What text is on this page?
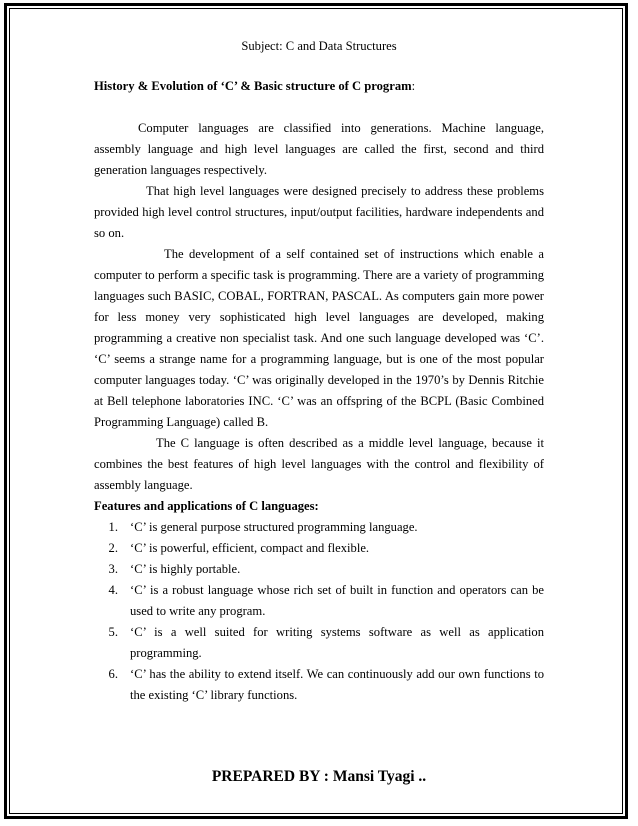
Subject: C and Data Structures
History & Evolution of ‘C’ & Basic structure of C program:

Computer languages are classified into generations. Machine language, assembly language and high level languages are called the first, second and third generation languages respectively.

That high level languages were designed precisely to address these problems provided high level control structures, input/output facilities, hardware independents and so on.

The development of a self contained set of instructions which enable a computer to perform a specific task is programming. There are a variety of programming languages such BASIC, COBAL, FORTRAN, PASCAL. As computers gain more power for less money very sophisticated high level languages are developed, making programming a creative non specialist task. And one such language developed was ‘C’. ‘C’ seems a strange name for a programming language, but is one of the most popular computer languages today. ‘C’ was originally developed in the 1970’s by Dennis Ritchie at Bell telephone laboratories INC. ‘C’ was an offspring of the BCPL (Basic Combined Programming Language) called B.

The C language is often described as a middle level language, because it combines the best features of high level languages with the control and flexibility of assembly language.

Features and applications of C languages:
1. ‘C’ is general purpose structured programming language.
2. ‘C’ is powerful, efficient, compact and flexible.
3. ‘C’ is highly portable.
4. ‘C’ is a robust language whose rich set of built in function and operators can be used to write any program.
5. ‘C’ is a well suited for writing systems software as well as application programming.
6. ‘C’ has the ability to extend itself. We can continuously add our own functions to the existing ‘C’ library functions.
PREPARED BY : Mansi Tyagi ..
